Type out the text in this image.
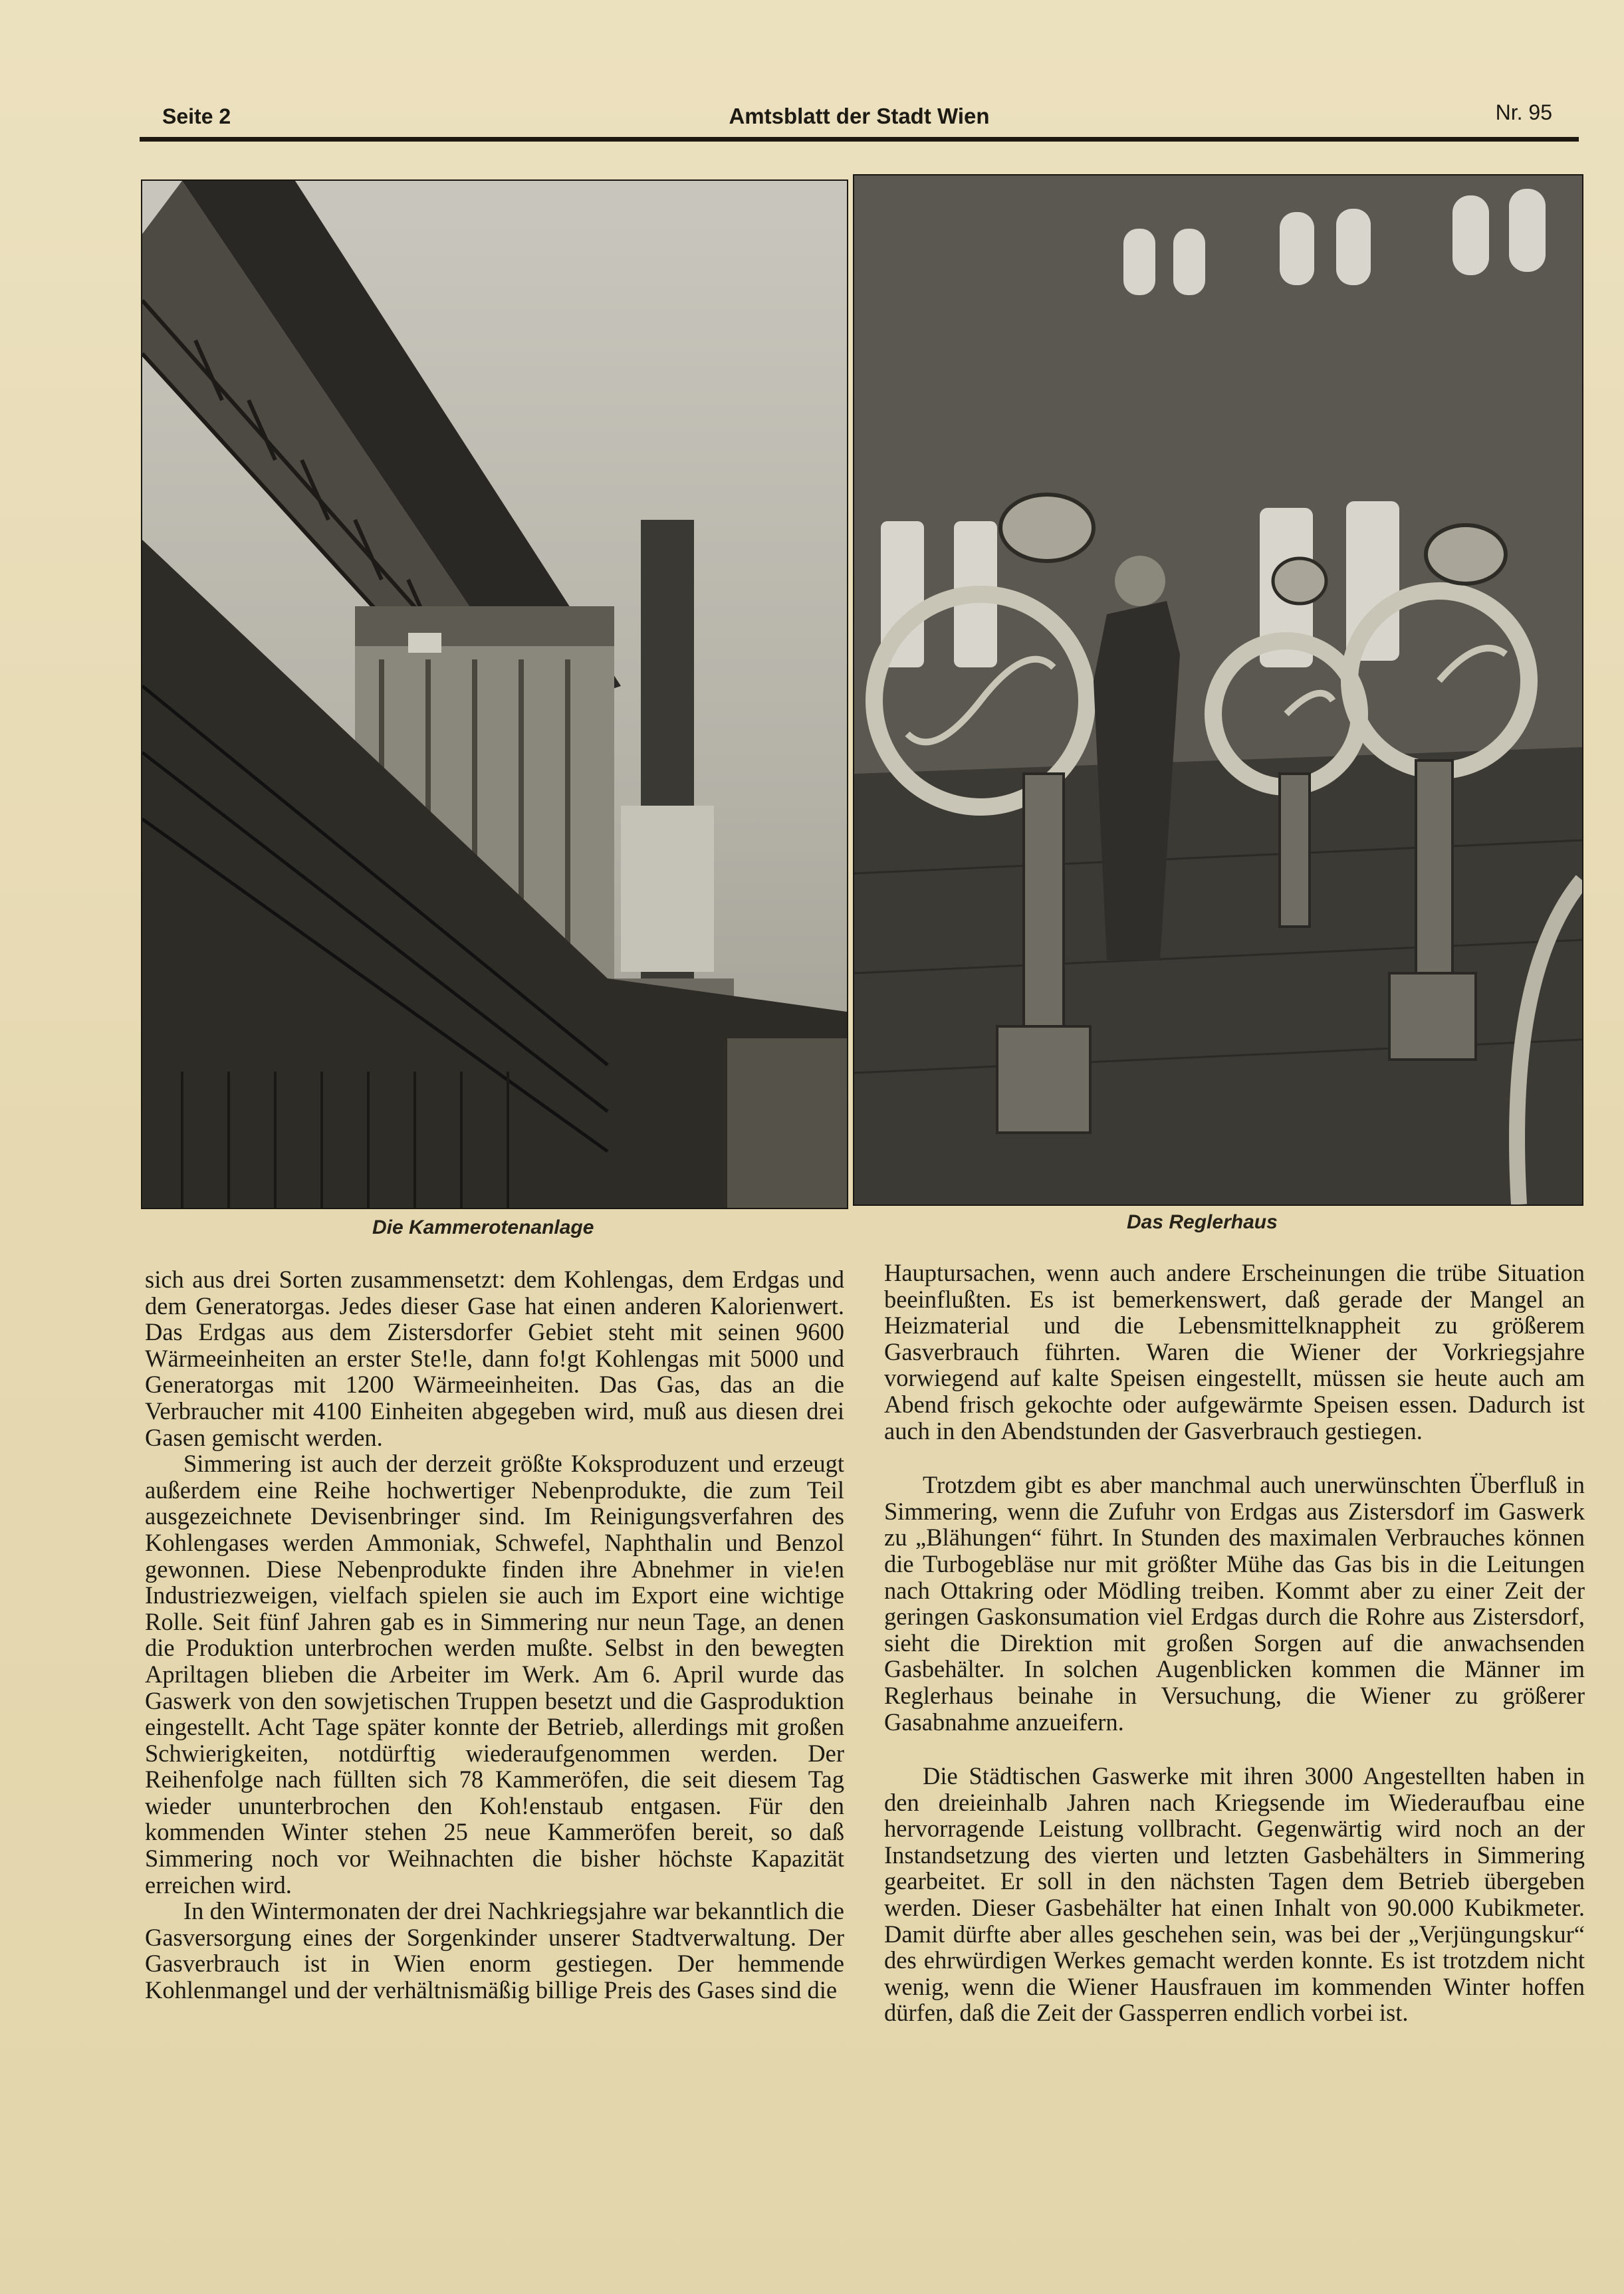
Seite 2	Amtsblatt der Stadt Wien	Nr. 95
Die Kammerotenanlage	Das Reglerhaus

sich aus drei Sorten zusammensetzt: dem Kohlengas, dem Erdgas und dem Generatorgas. Jedes dieser Gase hat einen anderen Kalorienwert. Das Erdgas aus dem Zistersdorfer Gebiet steht mit seinen 9600 Wärmeeinheiten an erster Ste!le, dann fo!gt Kohlengas mit 5000 und Generatorgas mit 1200 Wärmeeinheiten. Das Gas, das an die Verbraucher mit 4100 Einheiten abgegeben wird, muß aus diesen drei Gasen gemischt werden.

Simmering ist auch der derzeit größte Koksproduzent und erzeugt außerdem eine Reihe hochwertiger Nebenprodukte, die zum Teil ausgezeichnete Devisenbringer sind. Im Reinigungsverfahren des Kohlengases werden Ammoniak, Schwefel, Naphthalin und Benzol gewonnen. Diese Nebenprodukte finden ihre Abnehmer in vie!en Industriezweigen, vielfach spielen sie auch im Export eine wichtige Rolle. Seit fünf Jahren gab es in Simmering nur neun Tage, an denen die Produktion unterbrochen werden mußte. Selbst in den bewegten Apriltagen blieben die Arbeiter im Werk. Am 6. April wurde das Gaswerk von den sowjetischen Truppen besetzt und die Gasproduktion eingestellt. Acht Tage später konnte der Betrieb, allerdings mit großen Schwierigkeiten, notdürftig wiederaufgenommen werden. Der Reihenfolge nach füllten sich 78 Kammeröfen, die seit diesem Tag wieder ununterbrochen den Koh!enstaub entgasen. Für den kommenden Winter stehen 25 neue Kammeröfen bereit, so daß Simmering noch vor Weihnachten die bisher höchste Kapazität erreichen wird.

In den Wintermonaten der drei Nachkriegsjahre war bekanntlich die Gasversorgung eines der Sorgenkinder unserer Stadtverwaltung. Der Gasverbrauch ist in Wien enorm gestiegen. Der hemmende Kohlenmangel und der verhältnismäßig billige Preis des Gases sind die

Hauptursachen, wenn auch andere Erscheinungen die trübe Situation beeinflußten. Es ist bemerkenswert, daß gerade der Mangel an Heizmaterial und die Lebensmittelknappheit zu größerem Gasverbrauch führten. Waren die Wiener der Vorkriegsjahre vorwiegend auf kalte Speisen eingestellt, müssen sie heute auch am Abend frisch gekochte oder aufgewärmte Speisen essen. Dadurch ist auch in den Abendstunden der Gasverbrauch gestiegen.

Trotzdem gibt es aber manchmal auch unerwünschten Überfluß in Simmering, wenn die Zufuhr von Erdgas aus Zistersdorf im Gaswerk zu „Blähungen“ führt. In Stunden des maximalen Verbrauches können die Turbogebläse nur mit größter Mühe das Gas bis in die Leitungen nach Ottakring oder Mödling treiben. Kommt aber zu einer Zeit der geringen Gaskonsumation viel Erdgas durch die Rohre aus Zistersdorf, sieht die Direktion mit großen Sorgen auf die anwachsenden Gasbehälter. In solchen Augenblicken kommen die Männer im Reglerhaus beinahe in Versuchung, die Wiener zu größerer Gasabnahme anzueifern.

Die Städtischen Gaswerke mit ihren 3000 Angestellten haben in den dreieinhalb Jahren nach Kriegsende im Wiederaufbau eine hervorragende Leistung vollbracht. Gegenwärtig wird noch an der Instandsetzung des vierten und letzten Gasbehälters in Simmering gearbeitet. Er soll in den nächsten Tagen dem Betrieb übergeben werden. Dieser Gasbehälter hat einen Inhalt von 90.000 Kubikmeter. Damit dürfte aber alles geschehen sein, was bei der „Verjüngungskur“ des ehrwürdigen Werkes gemacht werden konnte. Es ist trotzdem nicht wenig, wenn die Wiener Hausfrauen im kommenden Winter hoffen dürfen, daß die Zeit der Gassperren endlich vorbei ist.
